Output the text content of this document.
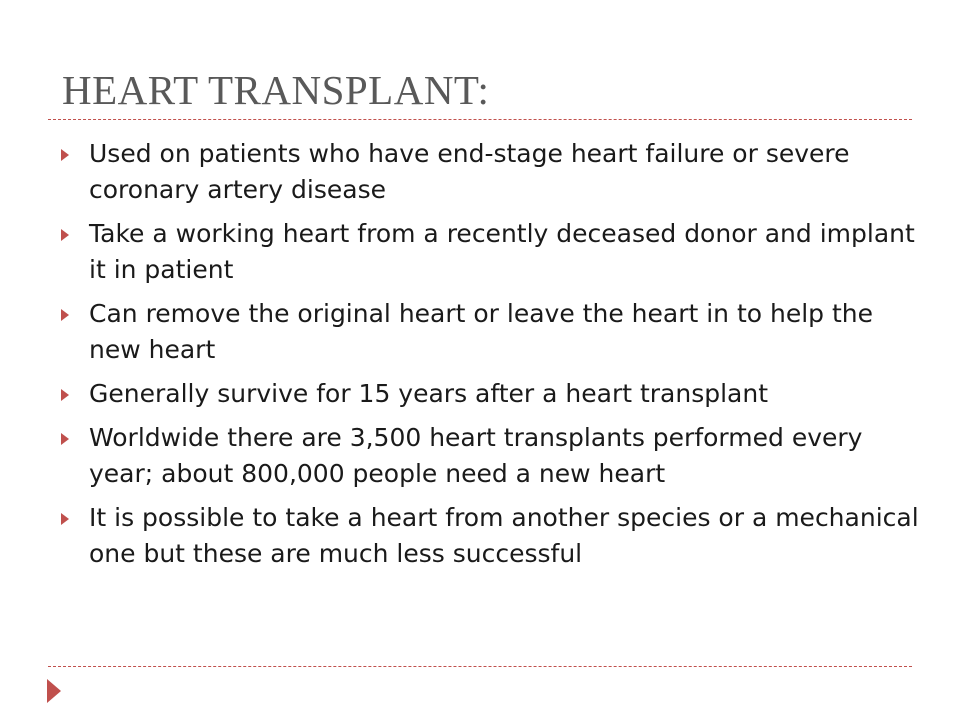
HEART TRANSPLANT:
Used on patients who have end-stage heart failure or severe coronary artery disease
Take a working heart from a recently deceased donor and implant it in patient
Can remove the original heart or leave the heart in to help the new heart
Generally survive for 15 years after a heart transplant
Worldwide there are 3,500 heart transplants performed every year; about 800,000 people need a new heart
It is possible to take a heart from another species or a mechanical one but these are much less successful
